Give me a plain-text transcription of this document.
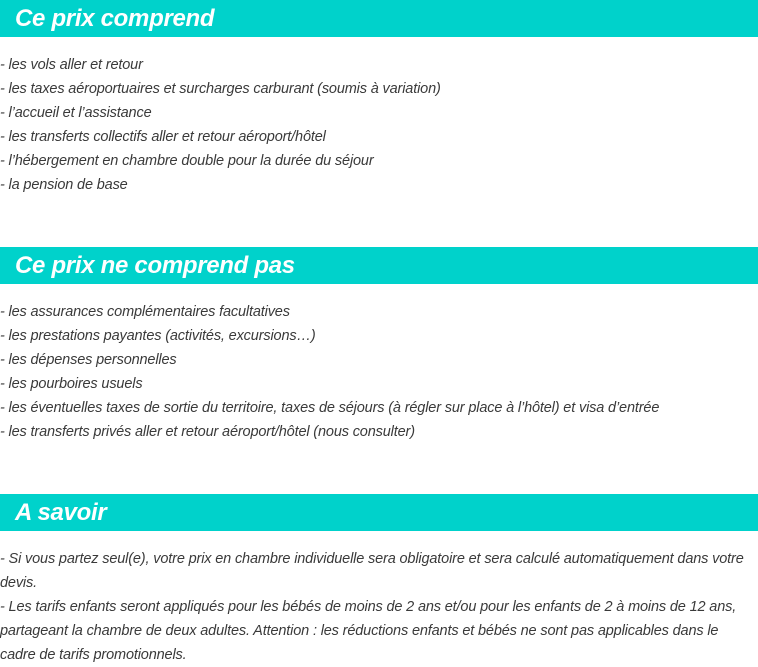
Ce prix comprend
- les vols aller et retour
- les taxes aéroportuaires et surcharges carburant (soumis à variation)
- l’accueil et l’assistance
- les transferts collectifs aller et retour aéroport/hôtel
- l’hébergement en chambre double pour la durée du séjour
- la pension de base
Ce prix ne comprend pas
- les assurances complémentaires facultatives
- les prestations payantes (activités, excursions…)
- les dépenses personnelles
- les pourboires usuels
- les éventuelles taxes de sortie du territoire, taxes de séjours (à régler sur place à l’hôtel) et visa d’entrée
- les transferts privés aller et retour aéroport/hôtel (nous consulter)
A savoir
- Si vous partez seul(e), votre prix en chambre individuelle sera obligatoire et sera calculé automatiquement dans votre devis.
- Les tarifs enfants seront appliqués pour les bébés de moins de 2 ans et/ou pour les enfants de 2 à moins de 12 ans, partageant la chambre de deux adultes. Attention : les réductions enfants et bébés ne sont pas applicables dans le cadre de tarifs promotionnels.
